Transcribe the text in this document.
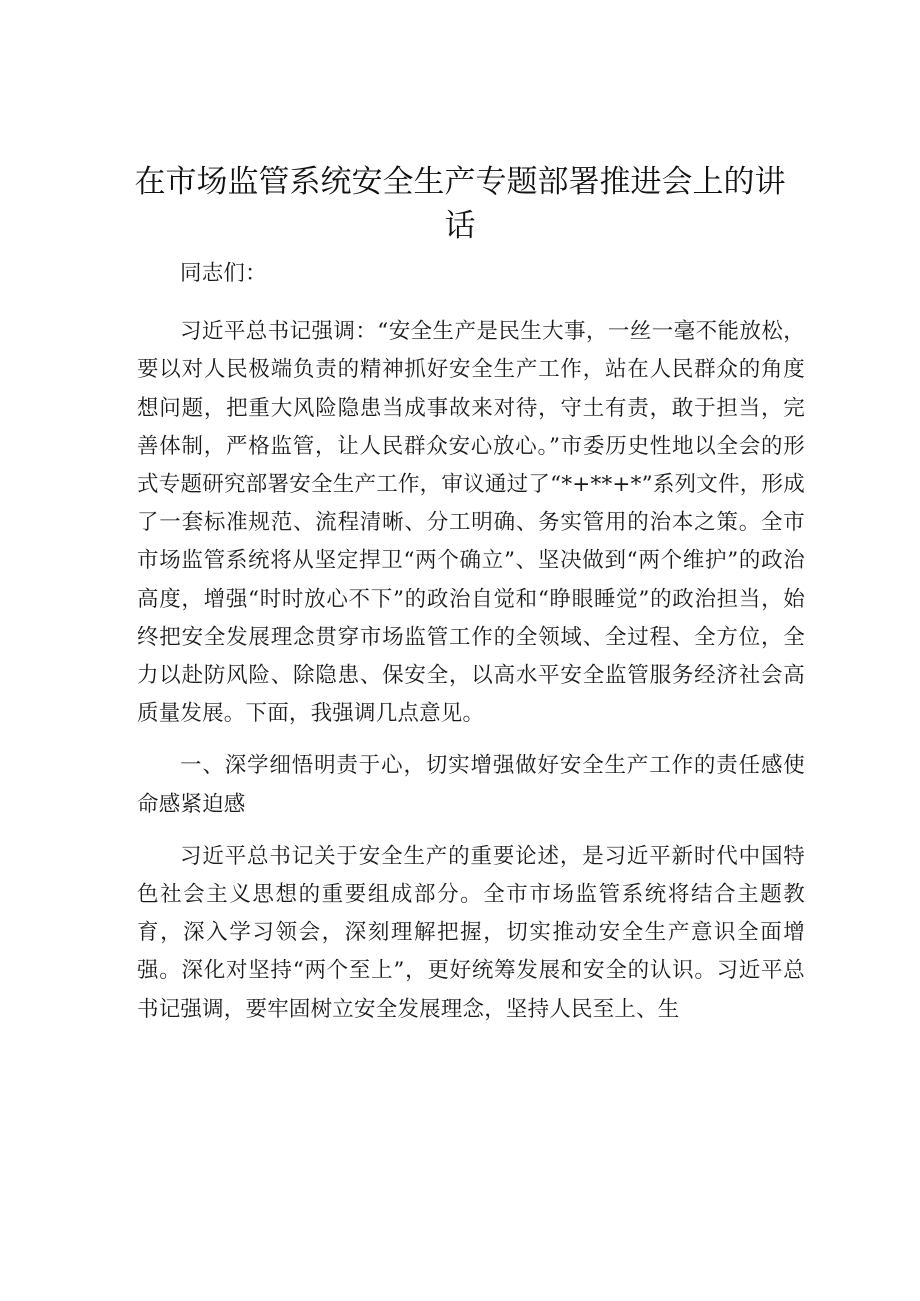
在市场监管系统安全生产专题部署推进会上的讲话

同志们：

习近平总书记强调：“安全生产是民生大事，一丝一毫不能放松，要以对人民极端负责的精神抓好安全生产工作，站在人民群众的角度想问题，把重大风险隐患当成事故来对待，守土有责，敢于担当，完善体制，严格监管，让人民群众安心放心。”市委历史性地以全会的形式专题研究部署安全生产工作，审议通过了“*+**+*”系列文件，形成了一套标准规范、流程清晰、分工明确、务实管用的治本之策。全市市场监管系统将从坚定捍卫“两个确立”、坚决做到“两个维护”的政治高度，增强“时时放心不下”的政治自觉和“睁眼睡觉”的政治担当，始终把安全发展理念贯穿市场监管工作的全领域、全过程、全方位，全力以赴防风险、除隐患、保安全，以高水平安全监管服务经济社会高质量发展。下面，我强调几点意见。

一、深学细悟明责于心，切实增强做好安全生产工作的责任感使命感紧迫感

习近平总书记关于安全生产的重要论述，是习近平新时代中国特色社会主义思想的重要组成部分。全市市场监管系统将结合主题教育，深入学习领会，深刻理解把握，切实推动安全生产意识全面增强。深化对坚持“两个至上”，更好统筹发展和安全的认识。习近平总书记强调，要牢固树立安全发展理念，坚持人民至上、生
